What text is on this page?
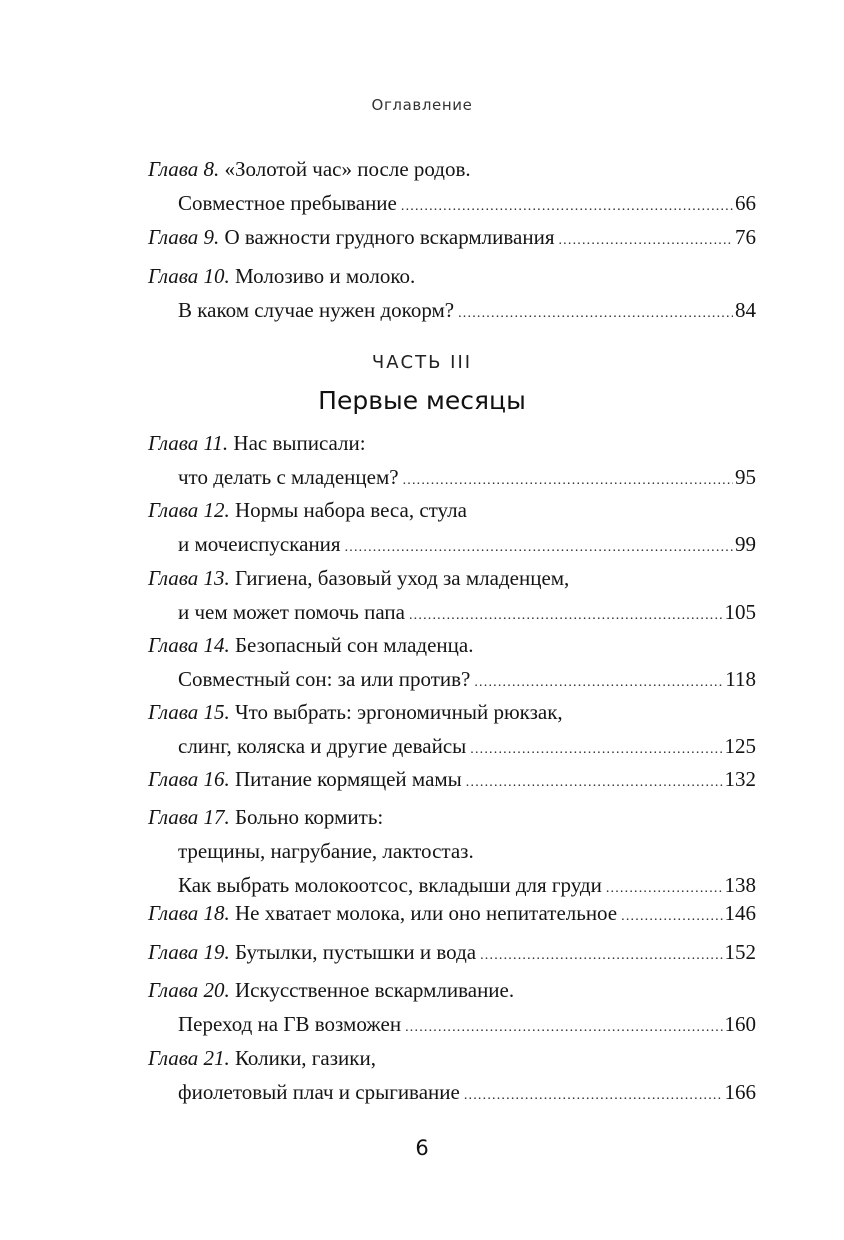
Оглавление
Глава 8. «Золотой час» после родов.
Совместное пребывание .....	66
Глава 9. О важности грудного вскармливания .....	76
Глава 10. Молозиво и молоко.
В каком случае нужен докорм? .....	84
ЧАСТЬ III
Первые месяцы
Глава 11. Нас выписали:
что делать с младенцем? .....	95
Глава 12. Нормы набора веса, стула
и мочеиспускания .....	99
Глава 13. Гигиена, базовый уход за младенцем,
и чем может помочь папа .....	105
Глава 14. Безопасный сон младенца.
Совместный сон: за или против? .....	118
Глава 15. Что выбрать: эргономичный рюкзак,
слинг, коляска и другие девайсы .....	125
Глава 16. Питание кормящей мамы .....	132
Глава 17. Больно кормить:
трещины, нагрубание, лактостаз.
Как выбрать молокоотсос, вкладыши для груди .....	138
Глава 18. Не хватает молока, или оно непитательное .....	146
Глава 19. Бутылки, пустышки и вода .....	152
Глава 20. Искусственное вскармливание.
Переход на ГВ возможен .....	160
Глава 21. Колики, газики,
фиолетовый плач и срыгивание .....	166
6
